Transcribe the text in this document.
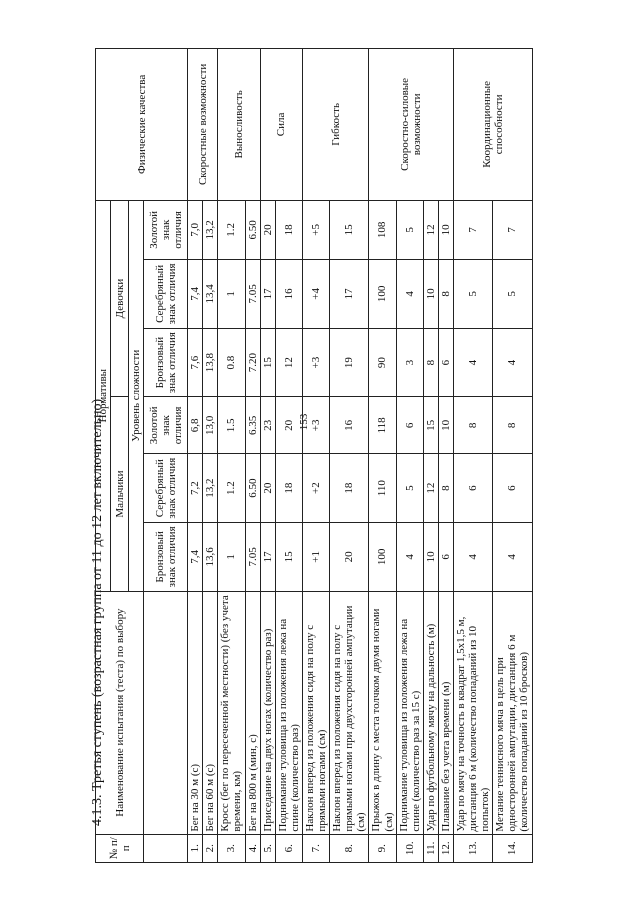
153
4.1.3. Третья ступень (возрастная группа от 11 до 12 лет включительно)
№ п/п	Наименование испытания (теста) по выбору	Нормативы						Физические качества
		Мальчики			Девочки			
		Уровень сложности						
		Бронзовый знак отличия	Серебряный знак отличия	Золотой знак отличия	Бронзовый знак отличия	Серебряный знак отличия	Золотой знак отличия	
1.	Бег на 30 м (с)	7,4	7,2	6,8	7,6	7,4	7,0	Скоростные возможности
2.	Бег на 60 м (с)	13,6	13,2	13,0	13,8	13,4	13,2	
3.	Кросс (бег по пересеченной местности) (без учета времени, км)	1	1.2	1.5	0.8	1	1.2	Выносливость
4.	Бег на 800 м (мин, с)	7.05	6.50	6.35	7.20	7.05	6.50	
5.	Приседание на двух ногах (количество раз)	17	20	23	15	17	20	Сила
6.	Поднимание туловища из положения лежа на спине (количество раз)	15	18	20	12	16	18	
7.	Наклон вперед из положения сидя на полу с прямыми ногами (см)	+1	+2	+3	+3	+4	+5	Гибкость
8.	Наклон вперед из положения сидя на полу с прямыми ногами при двухсторонней ампутации (см)	20	18	16	19	17	15	
9.	Прыжок в длину с места толчком двумя ногами (см)	100	110	118	90	100	108	Скоростно-силовые возможности
10.	Поднимание туловища из положения лежа на спине (количество раз за 15 с)	4	5	6	3	4	5	
11.	Удар по футбольному мячу на дальность (м)	10	12	15	8	10	12	
12.	Плавание без учета времени (м)	6	8	10	6	8	10	
13.	Удар по мячу на точность в квадрат 1,5х1,5 м, дистанция 6 м (количество попаданий из 10 попыток)	4	6	8	4	5	7	Координационные способности
14.	Метание теннисного мяча в цель при односторонней ампутации, дистанция 6 м (количество попаданий из 10 бросков)	4	6	8	4	5	7	
